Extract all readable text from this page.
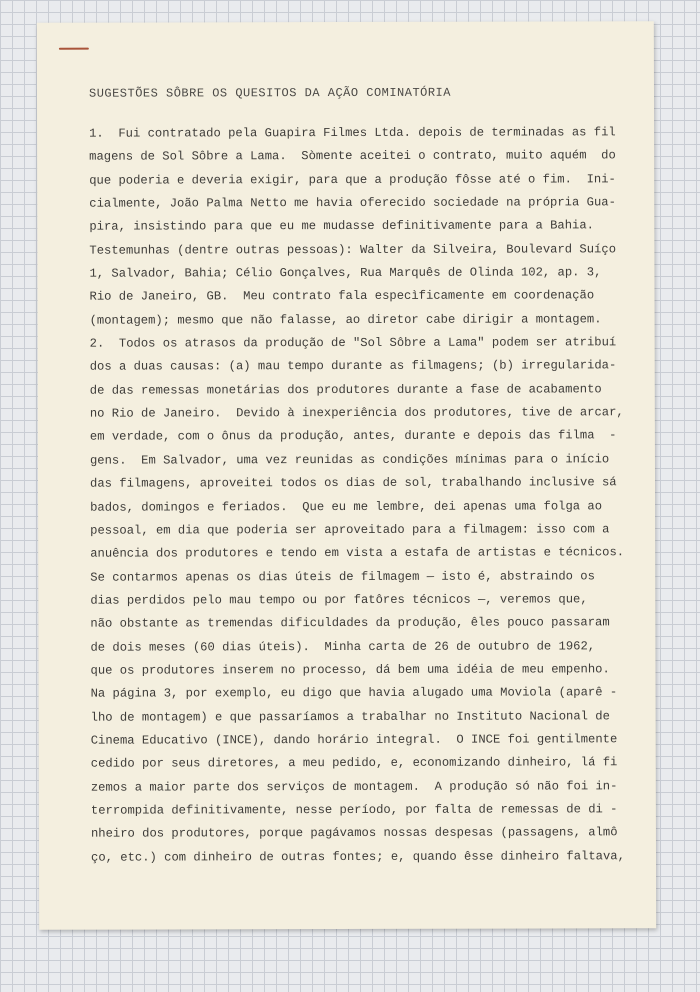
SUGESTÕES SÔBRE OS QUESITOS DA AÇÃO COMINATÓRIA
1.  Fui contratado pela Guapira Filmes Ltda. depois de terminadas as fil
magens de Sol Sôbre a Lama.  Sòmente aceitei o contrato, muito aquém  do
que poderia e deveria exigir, para que a produção fôsse até o fim.  Ini-
cialmente, João Palma Netto me havia oferecido sociedade na própria Gua-
pira, insistindo para que eu me mudasse definitivamente para a Bahia.
Testemunhas (dentre outras pessoas): Walter da Silveira, Boulevard Suíço
1, Salvador, Bahia; Célio Gonçalves, Rua Marquês de Olinda 102, ap. 3,
Rio de Janeiro, GB.  Meu contrato fala especìficamente em coordenação
(montagem); mesmo que não falasse, ao diretor cabe dirigir a montagem.
2.  Todos os atrasos da produção de "Sol Sôbre a Lama" podem ser atribuí
dos a duas causas: (a) mau tempo durante as filmagens; (b) irregularida-
de das remessas monetárias dos produtores durante a fase de acabamento
no Rio de Janeiro.  Devido à inexperiência dos produtores, tive de arcar,
em verdade, com o ônus da produção, antes, durante e depois das filma  -
gens.  Em Salvador, uma vez reunidas as condições mínimas para o início
das filmagens, aproveitei todos os dias de sol, trabalhando inclusive sá
bados, domingos e feriados.  Que eu me lembre, dei apenas uma folga ao
pessoal, em dia que poderia ser aproveitado para a filmagem: isso com a
anuência dos produtores e tendo em vista a estafa de artistas e técnicos.
Se contarmos apenas os dias úteis de filmagem — isto é, abstraindo os
dias perdidos pelo mau tempo ou por fatôres técnicos —, veremos que,
não obstante as tremendas dificuldades da produção, êles pouco passaram
de dois meses (60 dias úteis).  Minha carta de 26 de outubro de 1962,
que os produtores inserem no processo, dá bem uma idéia de meu empenho.
Na página 3, por exemplo, eu digo que havia alugado uma Moviola (aparê -
lho de montagem) e que passaríamos a trabalhar no Instituto Nacional de
Cinema Educativo (INCE), dando horário integral.  O INCE foi gentilmente
cedido por seus diretores, a meu pedido, e, economizando dinheiro, lá fi
zemos a maior parte dos serviços de montagem.  A produção só não foi in-
terrompida definitivamente, nesse período, por falta de remessas de di -
nheiro dos produtores, porque pagávamos nossas despesas (passagens, almô
ço, etc.) com dinheiro de outras fontes; e, quando êsse dinheiro faltava,
